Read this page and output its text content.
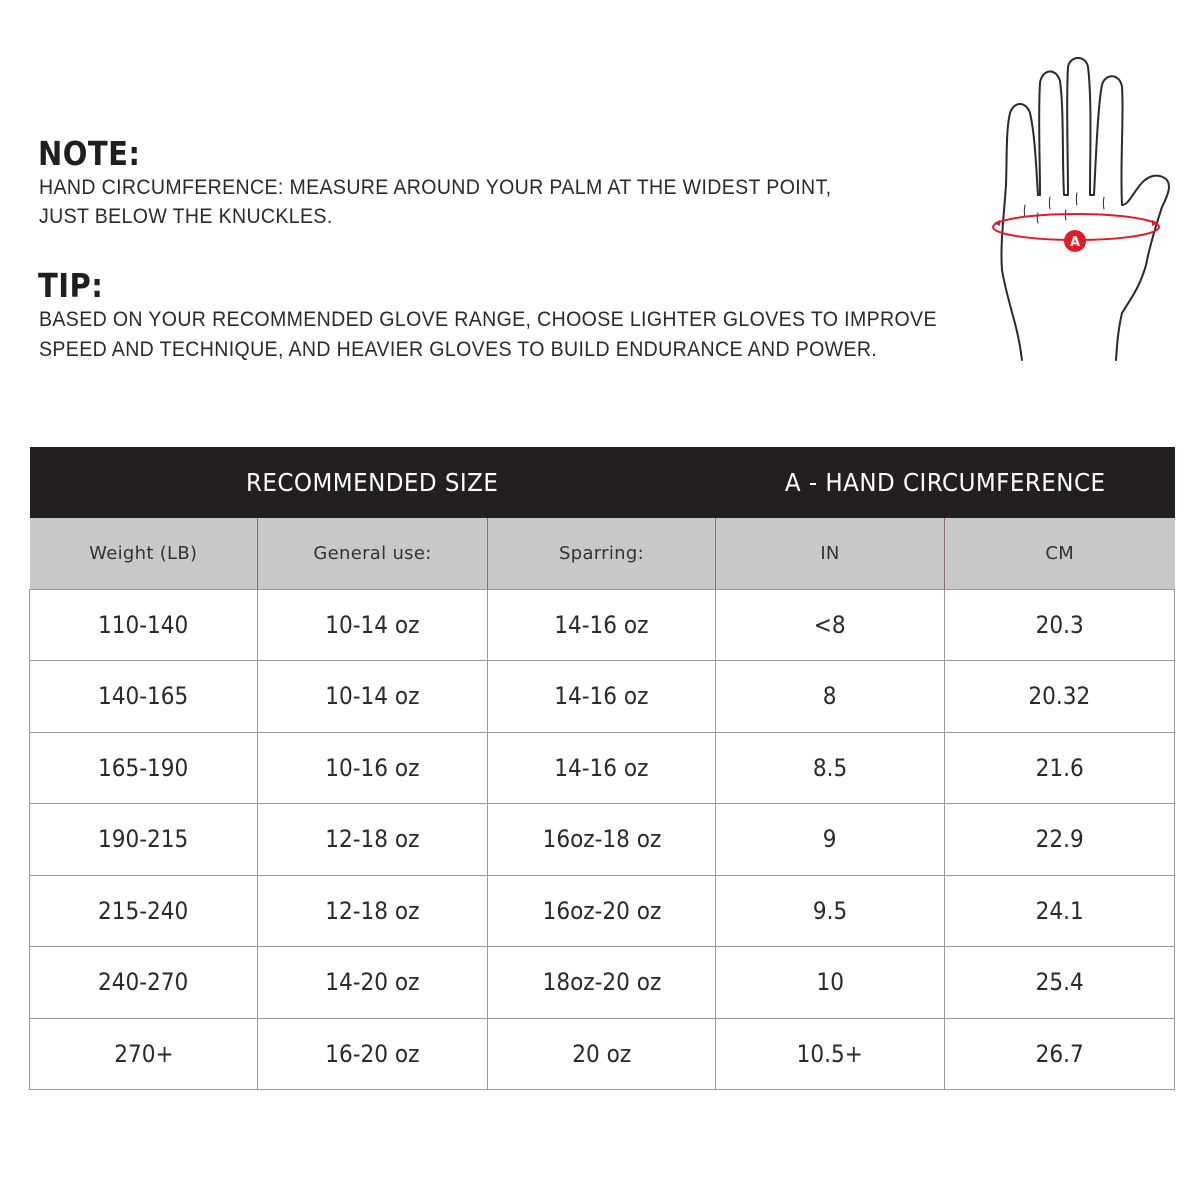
NOTE:
HAND CIRCUMFERENCE: MEASURE AROUND YOUR PALM AT THE WIDEST POINT,
JUST BELOW THE KNUCKLES.
TIP:
BASED ON YOUR RECOMMENDED GLOVE RANGE, CHOOSE LIGHTER GLOVES TO IMPROVE
SPEED AND TECHNIQUE, AND HEAVIER GLOVES TO BUILD ENDURANCE AND POWER.
A
RECOMMENDED SIZE			A - HAND CIRCUMFERENCE	
Weight (LB)	General use:	Sparring:	IN	CM
110-140	10-14 oz	14-16 oz	<8	20.3
140-165	10-14 oz	14-16 oz	8	20.32
165-190	10-16 oz	14-16 oz	8.5	21.6
190-215	12-18 oz	16oz-18 oz	9	22.9
215-240	12-18 oz	16oz-20 oz	9.5	24.1
240-270	14-20 oz	18oz-20 oz	10	25.4
270+	16-20 oz	20 oz	10.5+	26.7
